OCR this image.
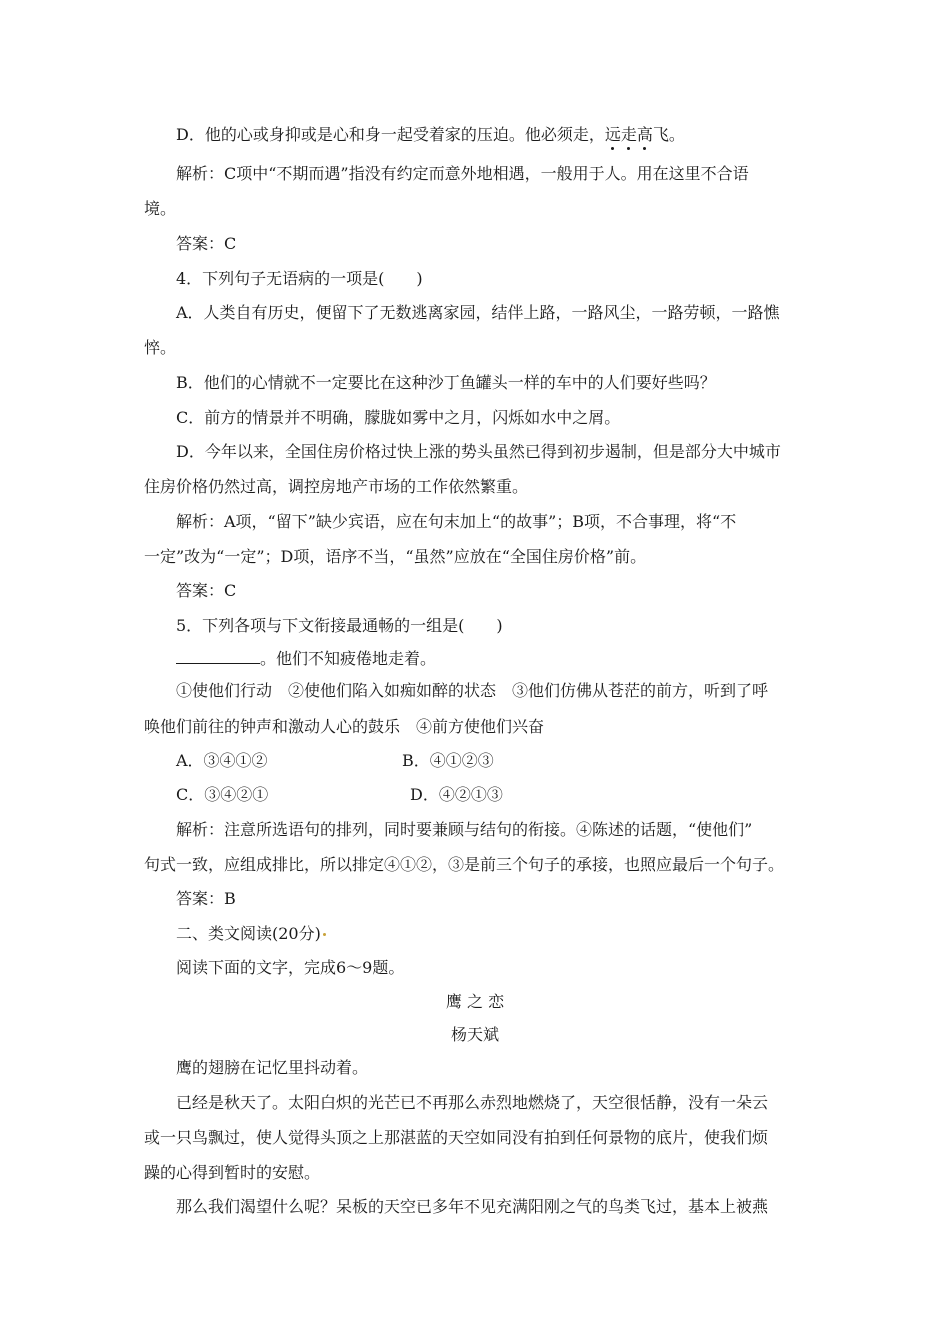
D．他的心或身抑或是心和身一起受着家的压迫。他必须走，远走高飞。
解析：C项中“不期而遇”指没有约定而意外地相遇，一般用于人。用在这里不合语
境。
答案：C
4．下列句子无语病的一项是(　　)
A．人类自有历史，便留下了无数逃离家园，结伴上路，一路风尘，一路劳顿，一路憔
悴。
B．他们的心情就不一定要比在这种沙丁鱼罐头一样的车中的人们要好些吗？
C．前方的情景并不明确，朦胧如雾中之月，闪烁如水中之屑。
D．今年以来，全国住房价格过快上涨的势头虽然已得到初步遏制，但是部分大中城市
住房价格仍然过高，调控房地产市场的工作依然繁重。
解析：A项，“留下”缺少宾语，应在句末加上“的故事”；B项，不合事理，将“不
一定”改为“一定”；D项，语序不当，“虽然”应放在“全国住房价格”前。
答案：C
5．下列各项与下文衔接最通畅的一组是(　　)
。他们不知疲倦地走着。
①使他们行动　②使他们陷入如痴如醉的状态　③他们仿佛从苍茫的前方，听到了呼
唤他们前往的钟声和激动人心的鼓乐　④前方使他们兴奋
A．③④①②	B．④①②③
C．③④②①	D．④②①③
解析：注意所选语句的排列，同时要兼顾与结句的衔接。④陈述的话题，“使他们”
句式一致，应组成排比，所以排定④①②，③是前三个句子的承接，也照应最后一个句子。
答案：B
二、类文阅读(20分)
阅读下面的文字，完成6～9题。
鹰 之 恋
杨天斌
鹰的翅膀在记忆里抖动着。
已经是秋天了。太阳白炽的光芒已不再那么赤烈地燃烧了，天空很恬静，没有一朵云
或一只鸟飘过，使人觉得头顶之上那湛蓝的天空如同没有拍到任何景物的底片，使我们烦
躁的心得到暂时的安慰。
那么我们渴望什么呢？呆板的天空已多年不见充满阳刚之气的鸟类飞过，基本上被燕
